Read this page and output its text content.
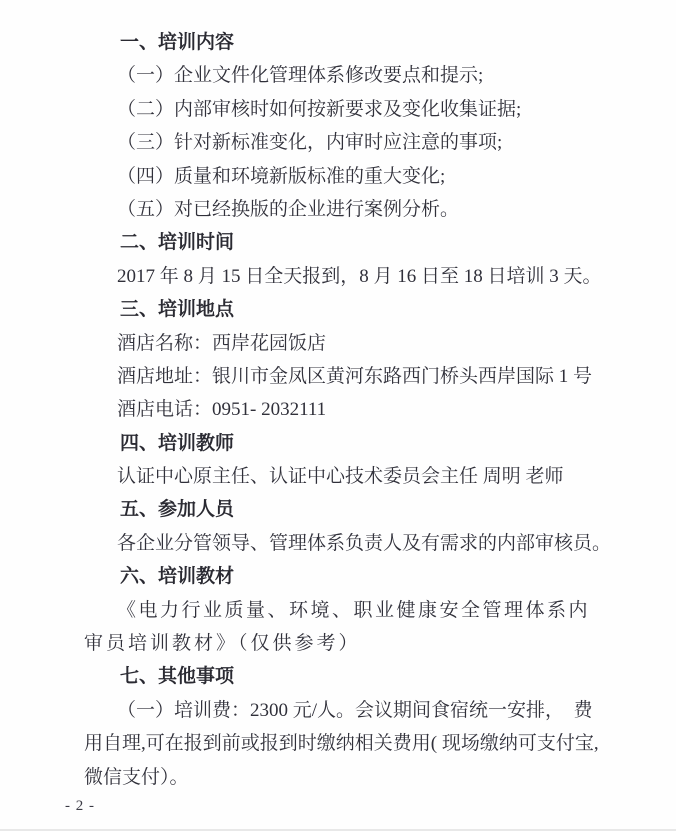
一、培训内容
（一）企业文件化管理体系修改要点和提示;
（二）内部审核时如何按新要求及变化收集证据;
（三）针对新标准变化，内审时应注意的事项;
（四）质量和环境新版标准的重大变化;
（五）对已经换版的企业进行案例分析。
二、培训时间
2017 年 8 月 15 日全天报到，8 月 16 日至 18 日培训 3 天。
三、培训地点
酒店名称：西岸花园饭店
酒店地址：银川市金凤区黄河东路西门桥头西岸国际 1 号
酒店电话：0951- 2032111
四、培训教师
认证中心原主任、认证中心技术委员会主任 周明 老师
五、参加人员
各企业分管领导、管理体系负责人及有需求的内部审核员。
六、培训教材
《电力行业质量、环境、职业健康安全管理体系内
审员培训教材》（仅供参考）
七、其他事项
（一）培训费：2300 元/人。会议期间食宿统一安排，　费
用自理,可在报到前或报到时缴纳相关费用( 现场缴纳可支付宝,
微信支付）。
- 2 -
